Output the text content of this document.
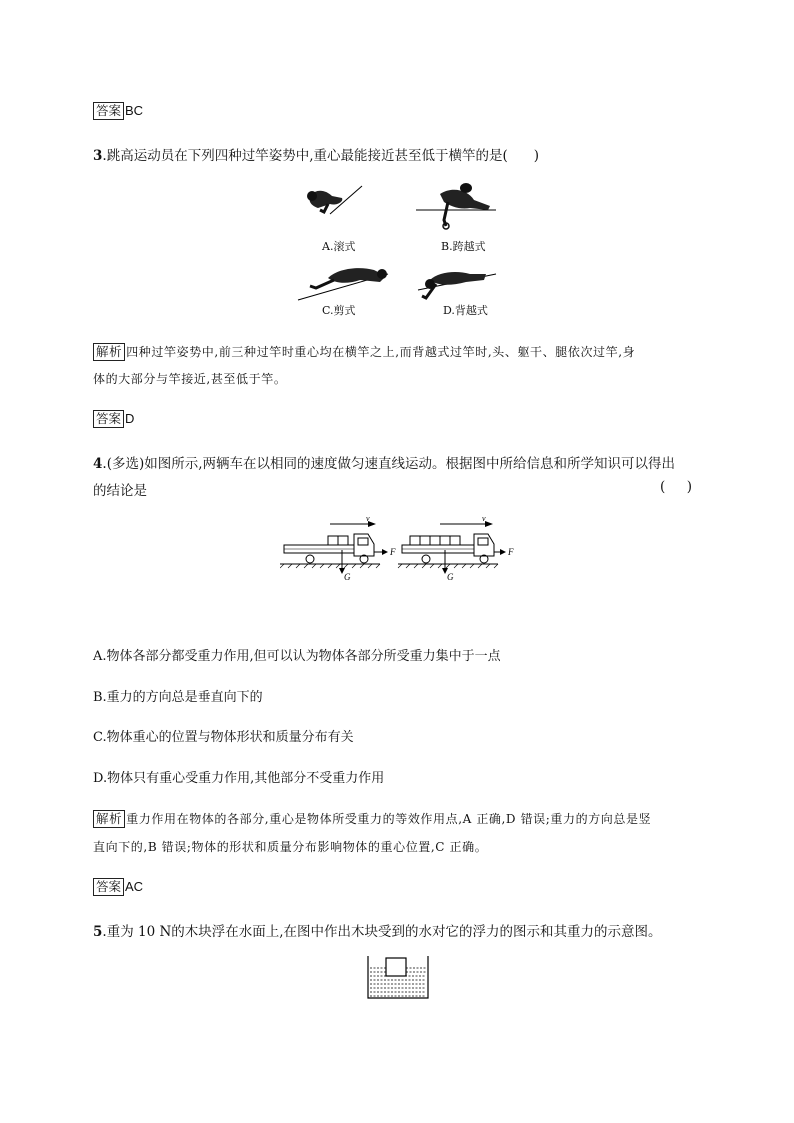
答案 BC
3.跳高运动员在下列四种过竿姿势中,重心最能接近甚至低于横竿的是( )
A.滚式	B.跨越式
C.剪式	D.背越式
解析 四种过竿姿势中,前三种过竿时重心均在横竿之上,而背越式过竿时,头、躯干、腿依次过竿,身
体的大部分与竿接近,甚至低于竿。
答案 D
4.(多选)如图所示,两辆车在以相同的速度做匀速直线运动。根据图中所给信息和所学知识可以得出
的结论是	(     )
v
F
G
v
F
G
A.物体各部分都受重力作用,但可以认为物体各部分所受重力集中于一点
B.重力的方向总是垂直向下的
C.物体重心的位置与物体形状和质量分布有关
D.物体只有重心受重力作用,其他部分不受重力作用
解析 重力作用在物体的各部分,重心是物体所受重力的等效作用点,A 正确,D 错误;重力的方向总是竖
直向下的,B 错误;物体的形状和质量分布影响物体的重心位置,C 正确。
答案 AC
5.重为 10 N的木块浮在水面上,在图中作出木块受到的水对它的浮力的图示和其重力的示意图。
